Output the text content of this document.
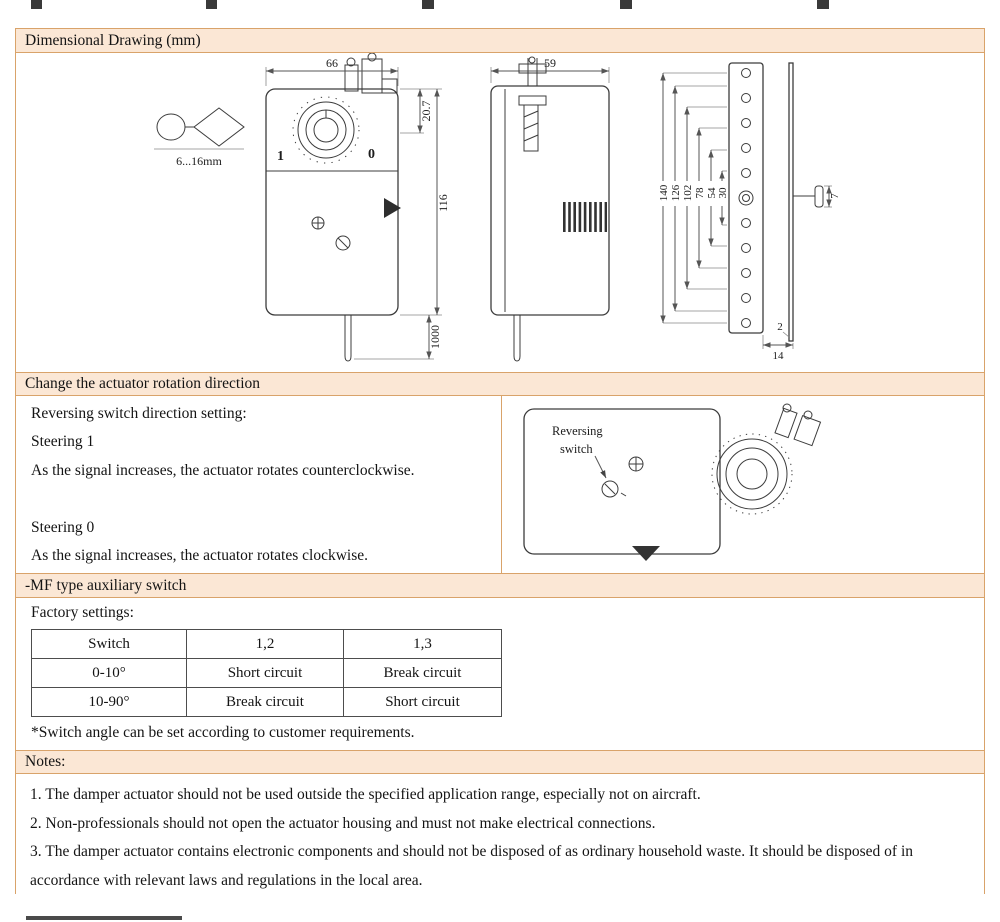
Dimensional Drawing (mm)
6...16mm	1	0
66
20.7
116
1000
59
140 126 102 78 54 30	7
2
14
Change the actuator rotation direction

Reversing switch direction setting:

Steering 1

As the signal increases, the actuator rotates counterclockwise.

Steering 0

As the signal increases, the actuator rotates clockwise.

Reversing
switch
-MF type auxiliary switch
Factory settings:
Switch	1,2	1,3
0-10°	Short circuit	Break circuit
10-90°	Break circuit	Short circuit
*Switch angle can be set according to customer requirements.
Notes:

1. The damper actuator should not be used outside the specified application range, especially not on aircraft.

2. Non-professionals should not open the actuator housing and must not make electrical connections.

3. The damper actuator contains electronic components and should not be disposed of as ordinary household waste. It should be disposed of in accordance with relevant laws and regulations in the local area.
